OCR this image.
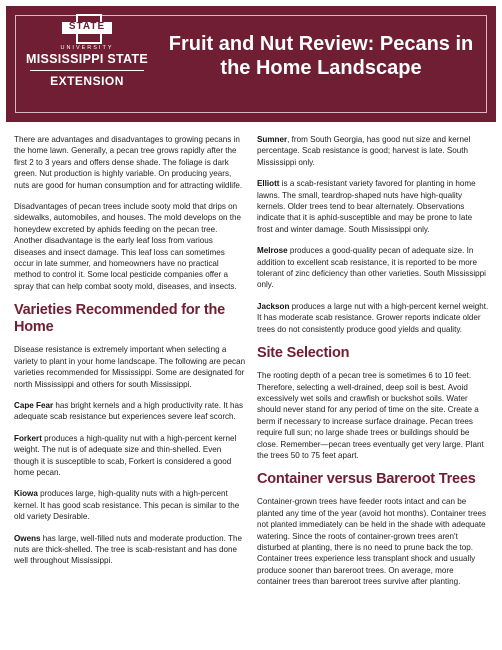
STATE
UNIVERSITY
MISSISSIPPI STATE
EXTENSION
Fruit and Nut Review: Pecans in the Home Landscape

There are advantages and disadvantages to growing pecans in the home lawn. Generally, a pecan tree grows rapidly after the first 2 to 3 years and offers dense shade. The foliage is dark green. Nut production is highly variable. On producing years, nuts are good for human consumption and for attracting wildlife.

Disadvantages of pecan trees include sooty mold that drips on sidewalks, automobiles, and houses. The mold develops on the honeydew excreted by aphids feeding on the pecan tree. Another disadvantage is the early leaf loss from various diseases and insect damage. This leaf loss can sometimes occur in late summer, and homeowners have no practical method to control it. Some local pesticide companies offer a spray that can help combat sooty mold, diseases, and insects.

Varieties Recommended for the Home

Disease resistance is extremely important when selecting a variety to plant in your home landscape. The following are pecan varieties recommended for Mississippi. Some are designated for north Mississippi and others for south Mississippi.

Cape Fear has bright kernels and a high productivity rate. It has adequate scab resistance but experiences severe leaf scorch.

Forkert produces a high-quality nut with a high-percent kernel weight. The nut is of adequate size and thin-shelled. Even though it is susceptible to scab, Forkert is considered a good home pecan.

Kiowa produces large, high-quality nuts with a high-percent kernel. It has good scab resistance. This pecan is similar to the old variety Desirable.

Owens has large, well-filled nuts and moderate production. The nuts are thick-shelled. The tree is scab-resistant and has done well throughout Mississippi.

Sumner, from South Georgia, has good nut size and kernel percentage. Scab resistance is good; harvest is late. South Mississippi only.

Elliott is a scab-resistant variety favored for planting in home lawns. The small, teardrop-shaped nuts have high-quality kernels. Older trees tend to bear alternately. Observations indicate that it is aphid-susceptible and may be prone to late frost and winter damage. South Mississippi only.

Melrose produces a good-quality pecan of adequate size. In addition to excellent scab resistance, it is reported to be more tolerant of zinc deficiency than other varieties. South Mississippi only.

Jackson produces a large nut with a high-percent kernel weight. It has moderate scab resistance. Grower reports indicate older trees do not consistently produce good yields and quality.

Site Selection

The rooting depth of a pecan tree is sometimes 6 to 10 feet. Therefore, selecting a well-drained, deep soil is best. Avoid excessively wet soils and crawfish or buckshot soils. Water should never stand for any period of time on the site. Create a berm if necessary to increase surface drainage. Pecan trees require full sun; no large shade trees or buildings should be close. Remember—pecan trees eventually get very large. Plant the trees 50 to 75 feet apart.

Container versus Bareroot Trees

Container-grown trees have feeder roots intact and can be planted any time of the year (avoid hot months). Container trees not planted immediately can be held in the shade with adequate watering. Since the roots of container-grown trees aren't disturbed at planting, there is no need to prune back the top. Container trees experience less transplant shock and usually produce sooner than bareroot trees. On average, more container trees than bareroot trees survive after planting.
